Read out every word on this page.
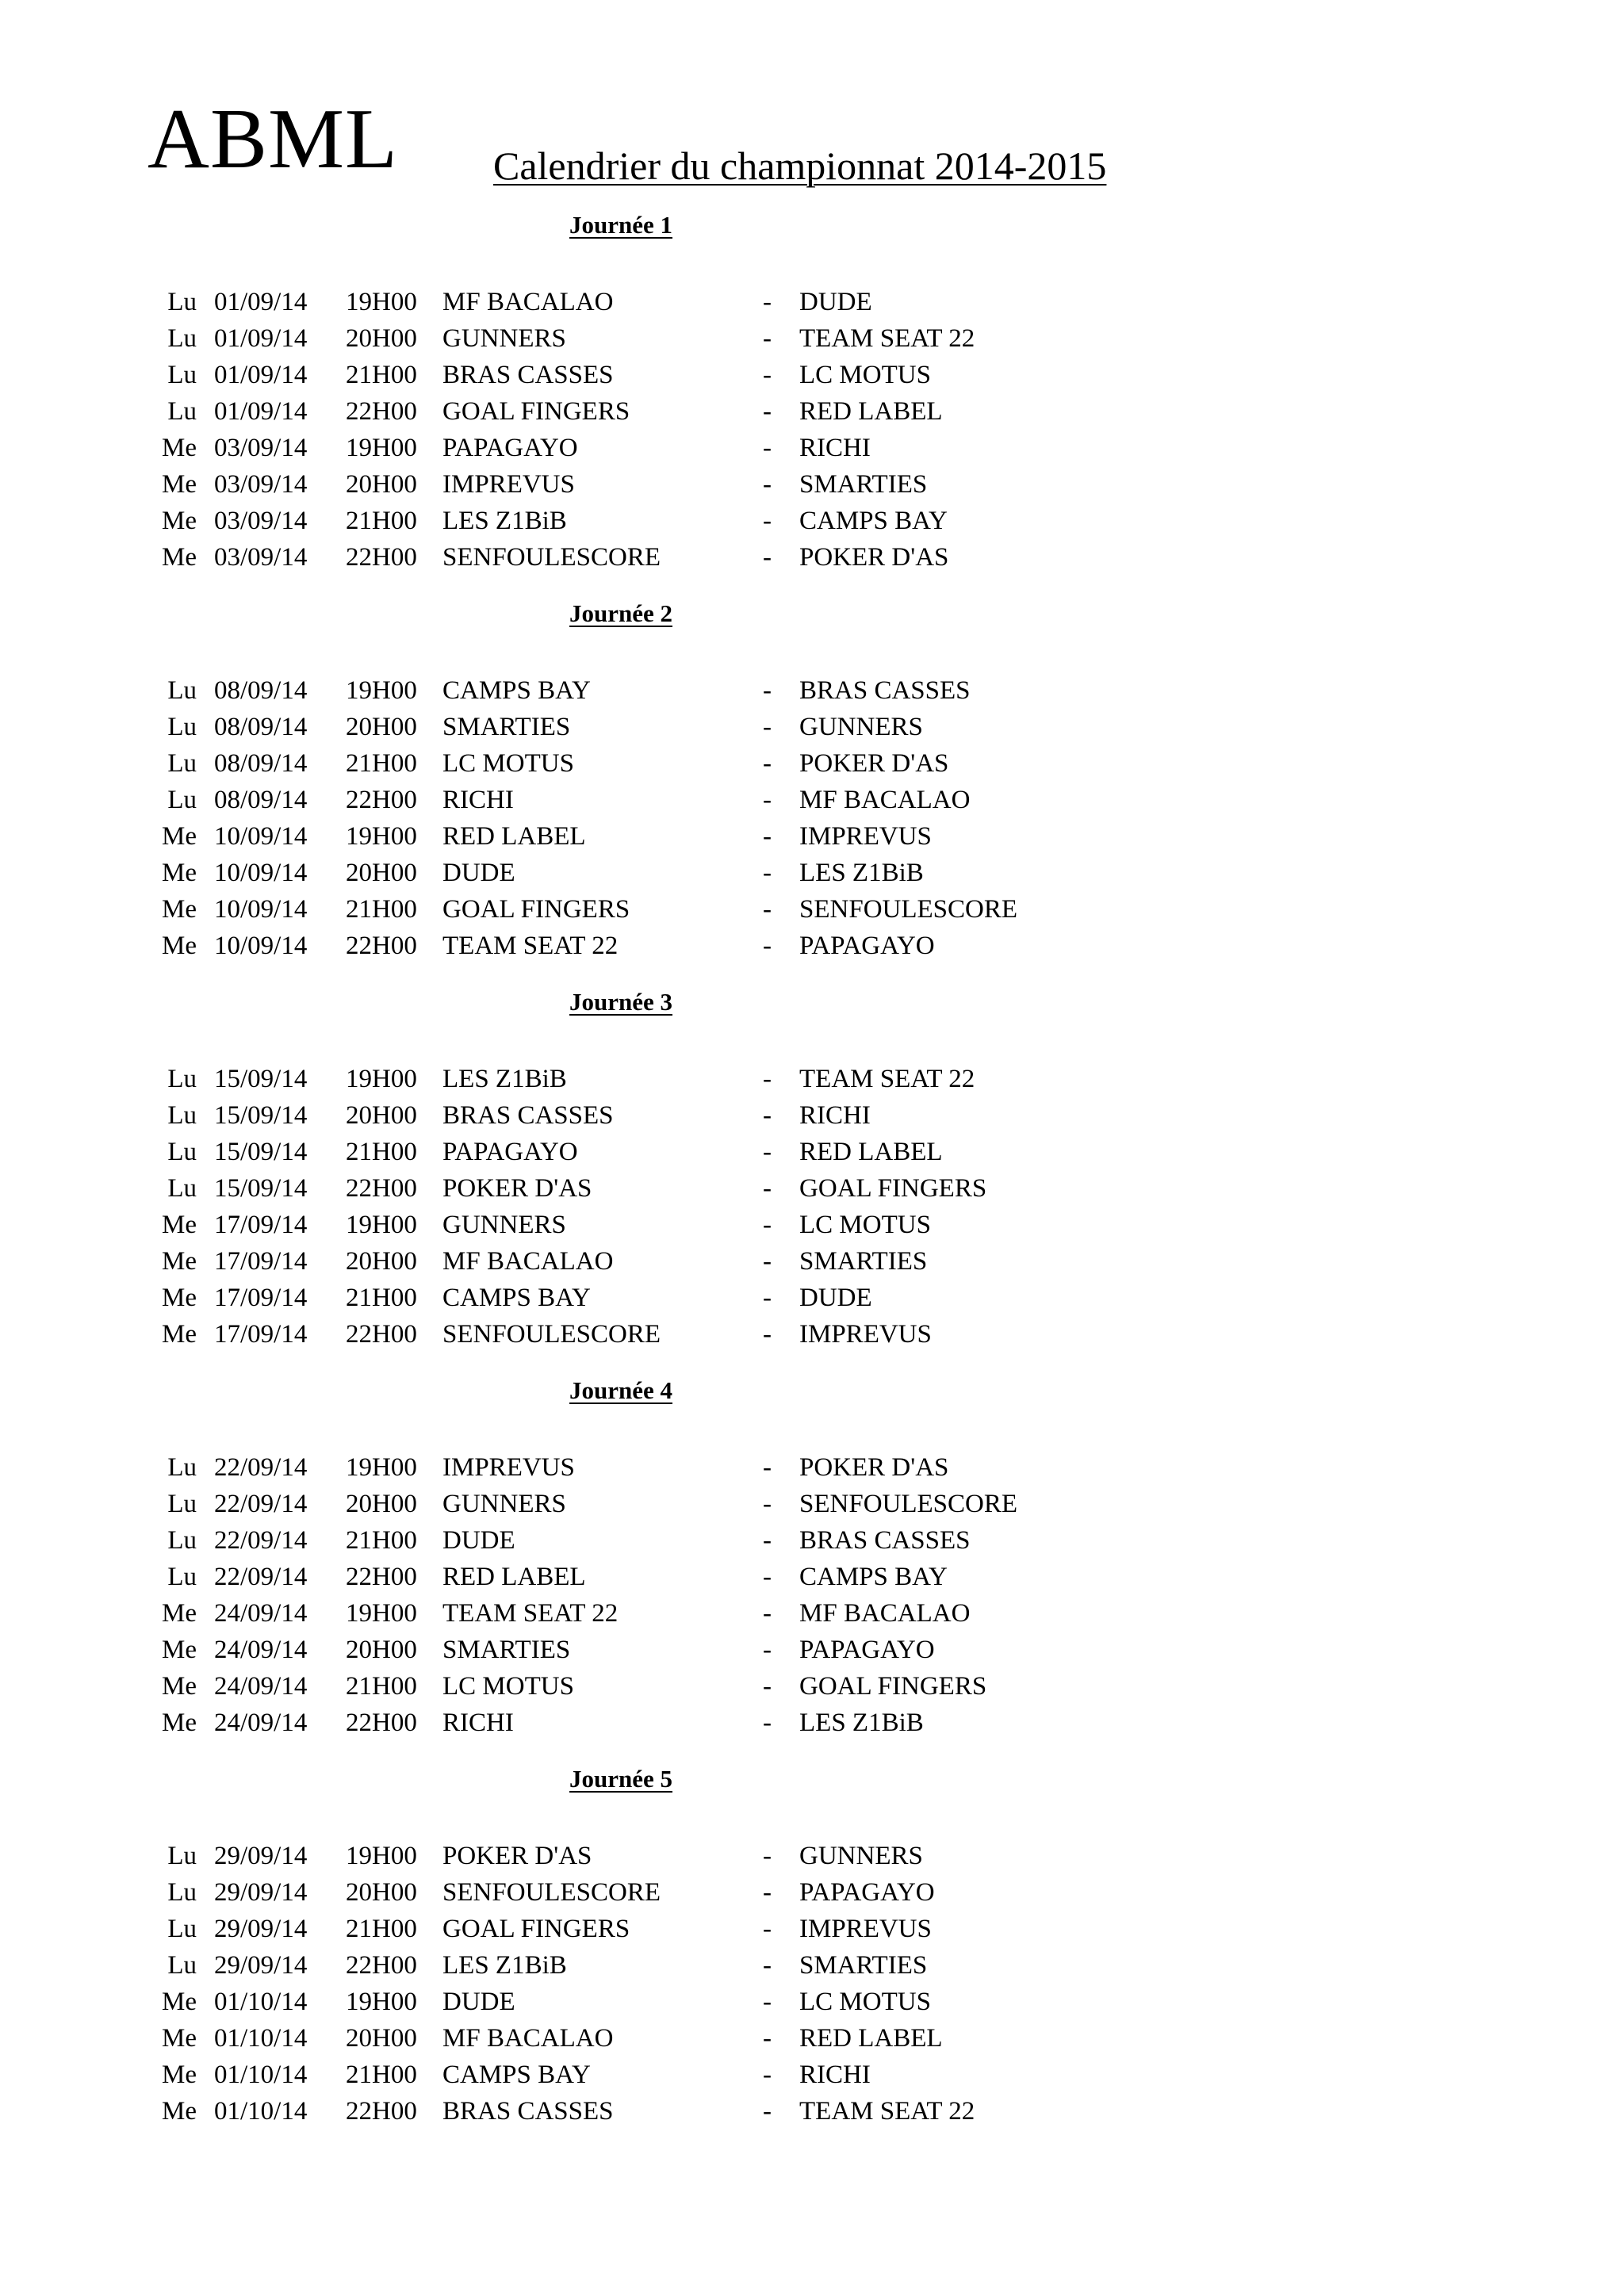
ABML Calendrier du championnat 2014-2015
Journée 1
Lu 01/09/14 19H00 MF BACALAO	- DUDE
Lu 01/09/14 20H00 GUNNERS	- TEAM SEAT 22
Lu 01/09/14 21H00 BRAS CASSES	- LC MOTUS
Lu 01/09/14 22H00 GOAL FINGERS	- RED LABEL
Me 03/09/14 19H00 PAPAGAYO	- RICHI
Me 03/09/14 20H00 IMPREVUS	- SMARTIES
Me 03/09/14 21H00 LES Z1BiB	- CAMPS BAY
Me 03/09/14 22H00 SENFOULESCORE	- POKER D'AS
Journée 2
Lu 08/09/14 19H00 CAMPS BAY	- BRAS CASSES
Lu 08/09/14 20H00 SMARTIES	- GUNNERS
Lu 08/09/14 21H00 LC MOTUS	- POKER D'AS
Lu 08/09/14 22H00 RICHI	- MF BACALAO
Me 10/09/14 19H00 RED LABEL	- IMPREVUS
Me 10/09/14 20H00 DUDE	- LES Z1BiB
Me 10/09/14 21H00 GOAL FINGERS	- SENFOULESCORE
Me 10/09/14 22H00 TEAM SEAT 22	- PAPAGAYO
Journée 3
Lu 15/09/14 19H00 LES Z1BiB	- TEAM SEAT 22
Lu 15/09/14 20H00 BRAS CASSES	- RICHI
Lu 15/09/14 21H00 PAPAGAYO	- RED LABEL
Lu 15/09/14 22H00 POKER D'AS	- GOAL FINGERS
Me 17/09/14 19H00 GUNNERS	- LC MOTUS
Me 17/09/14 20H00 MF BACALAO	- SMARTIES
Me 17/09/14 21H00 CAMPS BAY	- DUDE
Me 17/09/14 22H00 SENFOULESCORE	- IMPREVUS
Journée 4
Lu 22/09/14 19H00 IMPREVUS	- POKER D'AS
Lu 22/09/14 20H00 GUNNERS	- SENFOULESCORE
Lu 22/09/14 21H00 DUDE	- BRAS CASSES
Lu 22/09/14 22H00 RED LABEL	- CAMPS BAY
Me 24/09/14 19H00 TEAM SEAT 22	- MF BACALAO
Me 24/09/14 20H00 SMARTIES	- PAPAGAYO
Me 24/09/14 21H00 LC MOTUS	- GOAL FINGERS
Me 24/09/14 22H00 RICHI	- LES Z1BiB
Journée 5
Lu 29/09/14 19H00 POKER D'AS	- GUNNERS
Lu 29/09/14 20H00 SENFOULESCORE	- PAPAGAYO
Lu 29/09/14 21H00 GOAL FINGERS	- IMPREVUS
Lu 29/09/14 22H00 LES Z1BiB	- SMARTIES
Me 01/10/14 19H00 DUDE	- LC MOTUS
Me 01/10/14 20H00 MF BACALAO	- RED LABEL
Me 01/10/14 21H00 CAMPS BAY	- RICHI
Me 01/10/14 22H00 BRAS CASSES	- TEAM SEAT 22
